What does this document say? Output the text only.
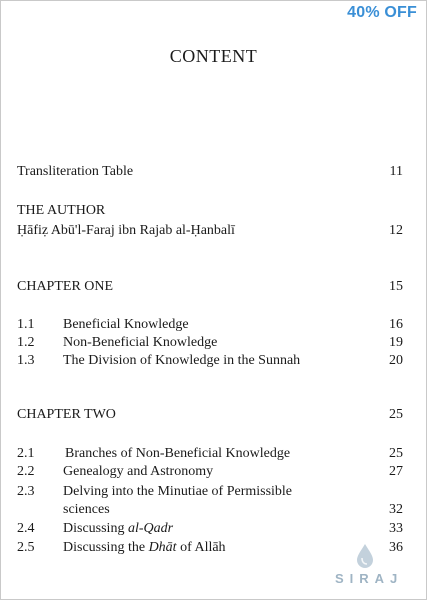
40% OFF
CONTENT
Transliteration Table	11
THE AUTHOR
Ḥāfiẓ Abū'l-Faraj ibn Rajab al-Ḥanbalī	12
CHAPTER ONE	15
1.1 Beneficial Knowledge	16
1.2 Non-Beneficial Knowledge	19
1.3 The Division of Knowledge in the Sunnah	20
CHAPTER TWO	25
2.1 Branches of Non-Beneficial Knowledge	25
2.2 Genealogy and Astronomy	27
2.3 Delving into the Minutiae of Permissible
sciences	32
2.4 Discussing al-Qadr	33
2.5 Discussing the Dhāt of Allāh	36
SIRAJ
